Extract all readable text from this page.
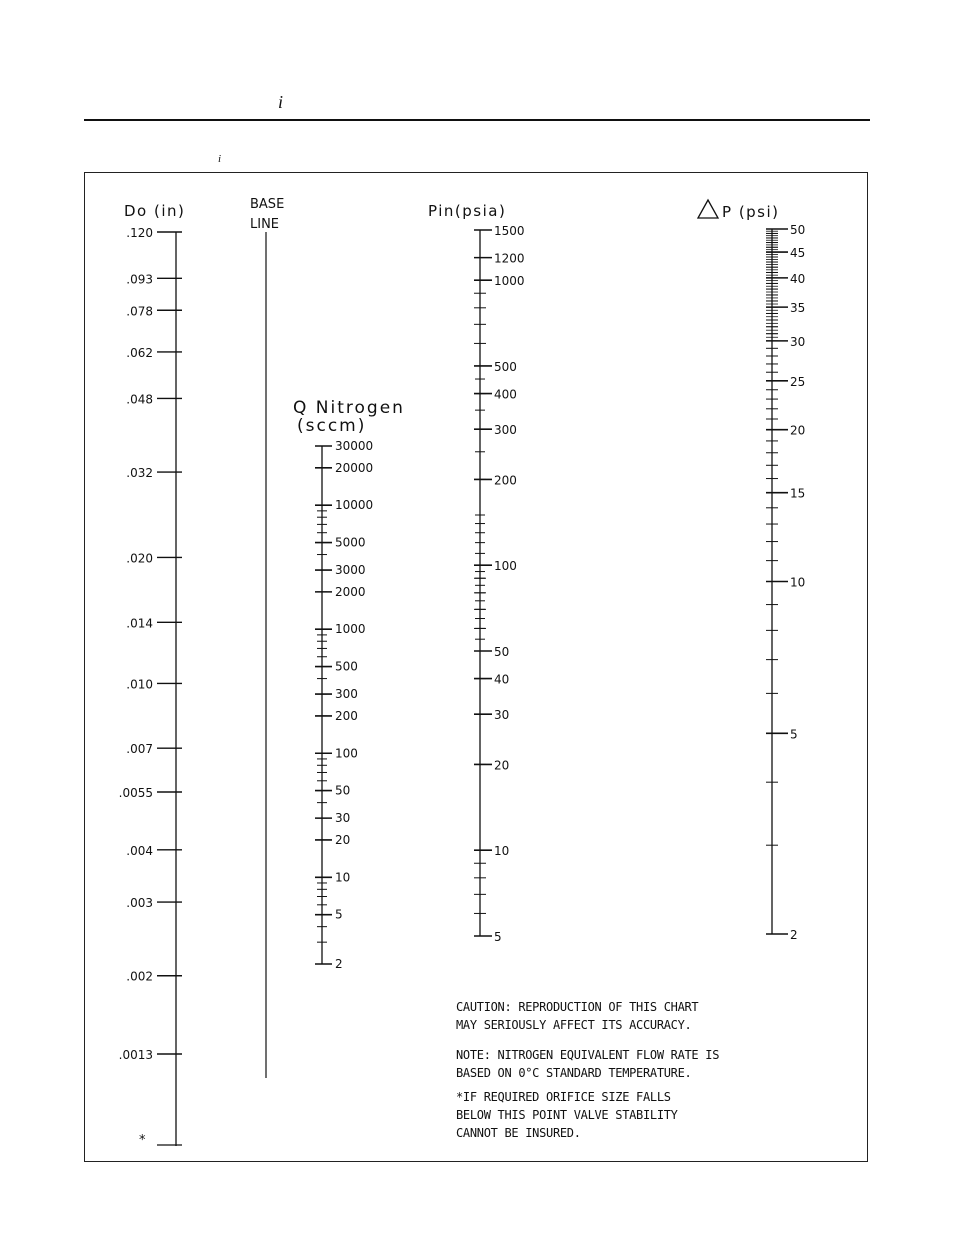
i
i
Do (in)
.120
.093
.078
.062
.048
.032
.020
.014
.010
.007
.0055
.004
.003
.002
.0013
*
BASE
LINE
Q Nitrogen
(sccm)
30000
20000
10000
5000
3000
2000
1000
500
300
200
100
50
30
20
10
5
2
Pin(psia)
1500
1200
1000
500
400
300
200
100
50
40
30
20
10
5
P (psi)
50
45
40
35
30
25
20
15
10
5
2
CAUTION: REPRODUCTION OF THIS CHART
MAY SERIOUSLY AFFECT ITS ACCURACY.
NOTE: NITROGEN EQUIVALENT FLOW RATE IS
BASED ON 0°C STANDARD TEMPERATURE.
*IF REQUIRED ORIFICE SIZE FALLS
BELOW THIS POINT VALVE STABILITY
CANNOT BE INSURED.
